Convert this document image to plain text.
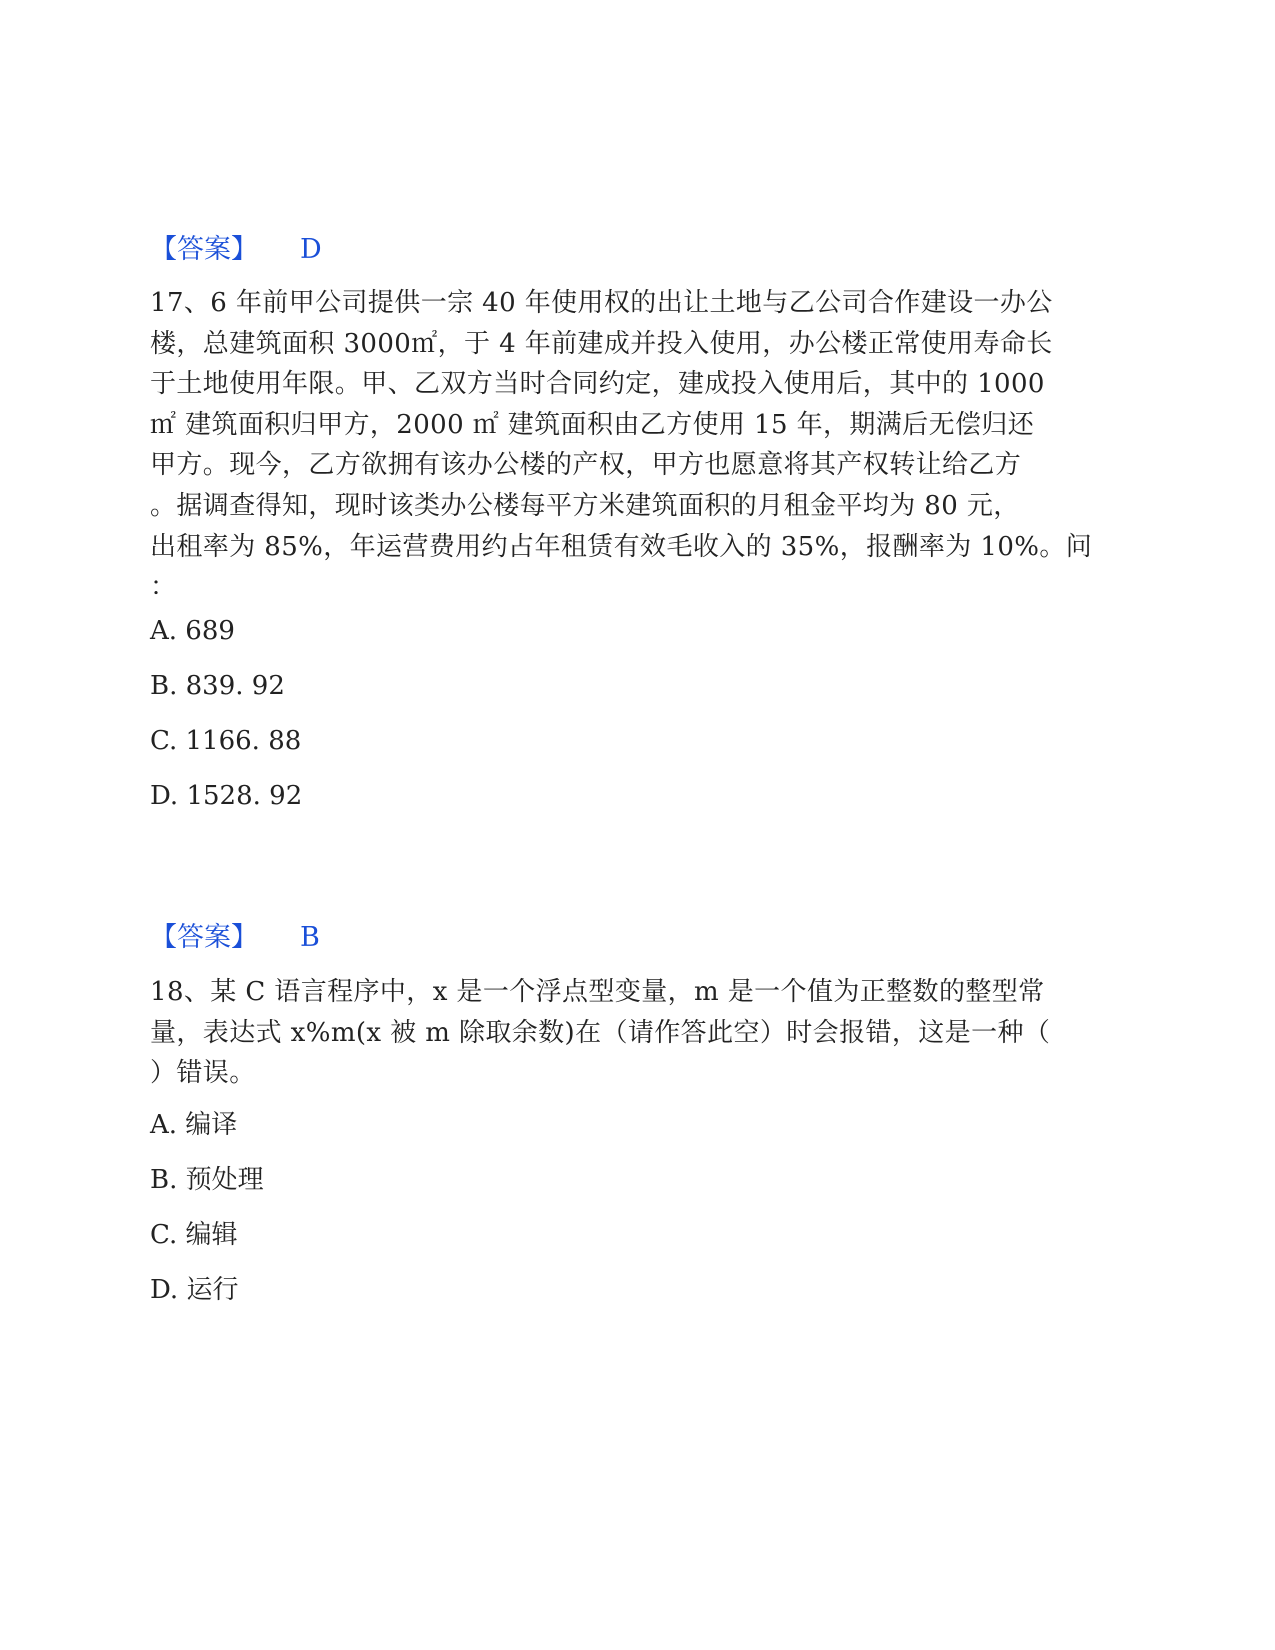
【答案】 D
17、6 年前甲公司提供一宗 40 年使用权的出让土地与乙公司合作建设一办公
楼，总建筑面积 3000㎡，于 4 年前建成并投入使用，办公楼正常使用寿命长
于土地使用年限。甲、乙双方当时合同约定，建成投入使用后，其中的 1000
㎡ 建筑面积归甲方，2000 ㎡ 建筑面积由乙方使用 15 年，期满后无偿归还
甲方。现今，乙方欲拥有该办公楼的产权，甲方也愿意将其产权转让给乙方
。据调查得知，现时该类办公楼每平方米建筑面积的月租金平均为 80 元，
出租率为 85%，年运营费用约占年租赁有效毛收入的 35%，报酬率为 10%。问
：
A. 689
B. 839. 92
C. 1166. 88
D. 1528. 92
【答案】 B
18、某 C 语言程序中，x 是一个浮点型变量，m 是一个值为正整数的整型常
量，表达式 x%m(x 被 m 除取余数)在（请作答此空）时会报错，这是一种（
）错误。
A. 编译
B. 预处理
C. 编辑
D. 运行
